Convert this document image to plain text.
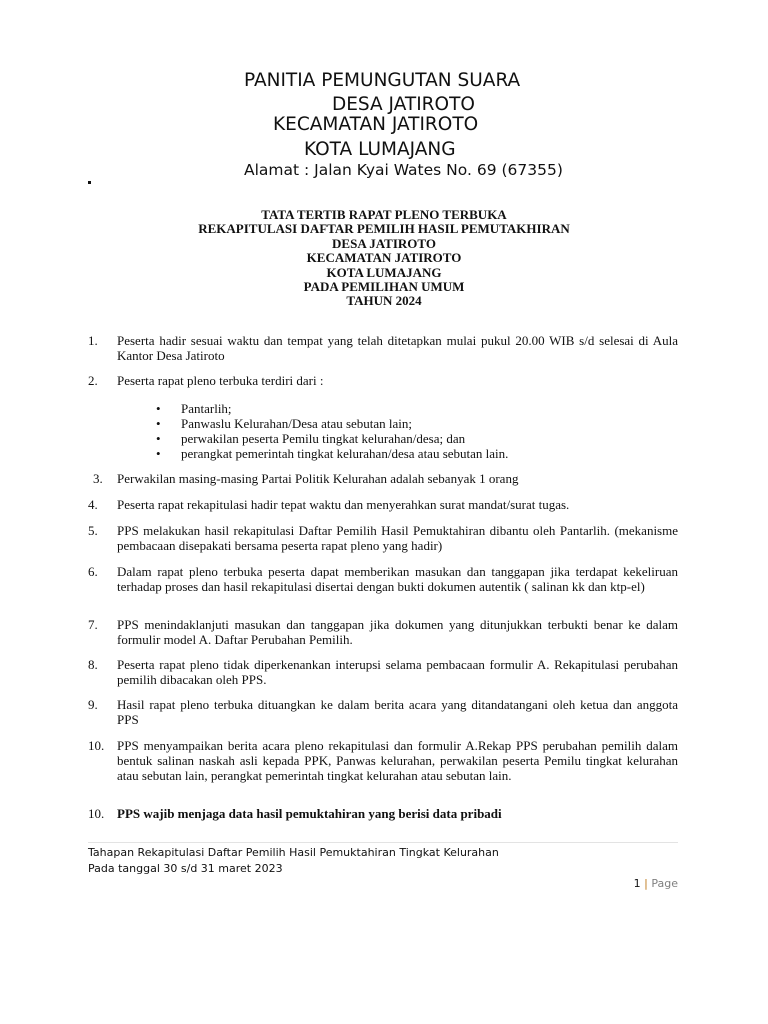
PANITIA PEMUNGUTAN SUARA
DESA JATIROTO
KECAMATAN JATIROTO
KOTA LUMAJANG
Alamat : Jalan Kyai Wates No. 69 (67355)
TATA TERTIB RAPAT PLENO TERBUKA
REKAPITULASI DAFTAR PEMILIH HASIL PEMUTAKHIRAN
DESA JATIROTO
KECAMATAN JATIROTO
KOTA LUMAJANG
PADA PEMILIHAN UMUM
TAHUN 2024
1. Peserta hadir sesuai waktu dan tempat yang telah ditetapkan mulai pukul 20.00 WIB s/d selesai di Aula Kantor Desa Jatiroto
2. Peserta rapat pleno terbuka terdiri dari :
• Pantarlih;
• Panwaslu Kelurahan/Desa atau sebutan lain;
• perwakilan peserta Pemilu tingkat kelurahan/desa; dan
• perangkat pemerintah tingkat kelurahan/desa atau sebutan lain.
3. Perwakilan masing-masing Partai Politik Kelurahan adalah sebanyak 1 orang
4. Peserta rapat rekapitulasi hadir tepat waktu dan menyerahkan surat mandat/surat tugas.
5. PPS melakukan hasil rekapitulasi Daftar Pemilih Hasil Pemuktahiran dibantu oleh Pantarlih. (mekanisme pembacaan disepakati bersama peserta rapat pleno yang hadir)
6. Dalam rapat pleno terbuka peserta dapat memberikan masukan dan tanggapan jika terdapat kekeliruan terhadap proses dan hasil rekapitulasi disertai dengan bukti dokumen autentik ( salinan kk dan ktp-el)
7. PPS menindaklanjuti masukan dan tanggapan jika dokumen yang ditunjukkan terbukti benar ke dalam formulir model A. Daftar Perubahan Pemilih.
8. Peserta rapat pleno tidak diperkenankan interupsi selama pembacaan formulir A. Rekapitulasi perubahan pemilih dibacakan oleh PPS.
9. Hasil rapat pleno terbuka dituangkan ke dalam berita acara yang ditandatangani oleh ketua dan anggota PPS
10. PPS menyampaikan berita acara pleno rekapitulasi dan formulir A.Rekap PPS perubahan pemilih dalam bentuk salinan naskah asli kepada PPK, Panwas kelurahan, perwakilan peserta Pemilu tingkat kelurahan atau sebutan lain, perangkat pemerintah tingkat kelurahan atau sebutan lain.
10. PPS wajib menjaga data hasil pemuktahiran yang berisi data pribadi
Tahapan Rekapitulasi Daftar Pemilih Hasil Pemuktahiran Tingkat Kelurahan
Pada tanggal 30 s/d 31 maret 2023
1 | Page
